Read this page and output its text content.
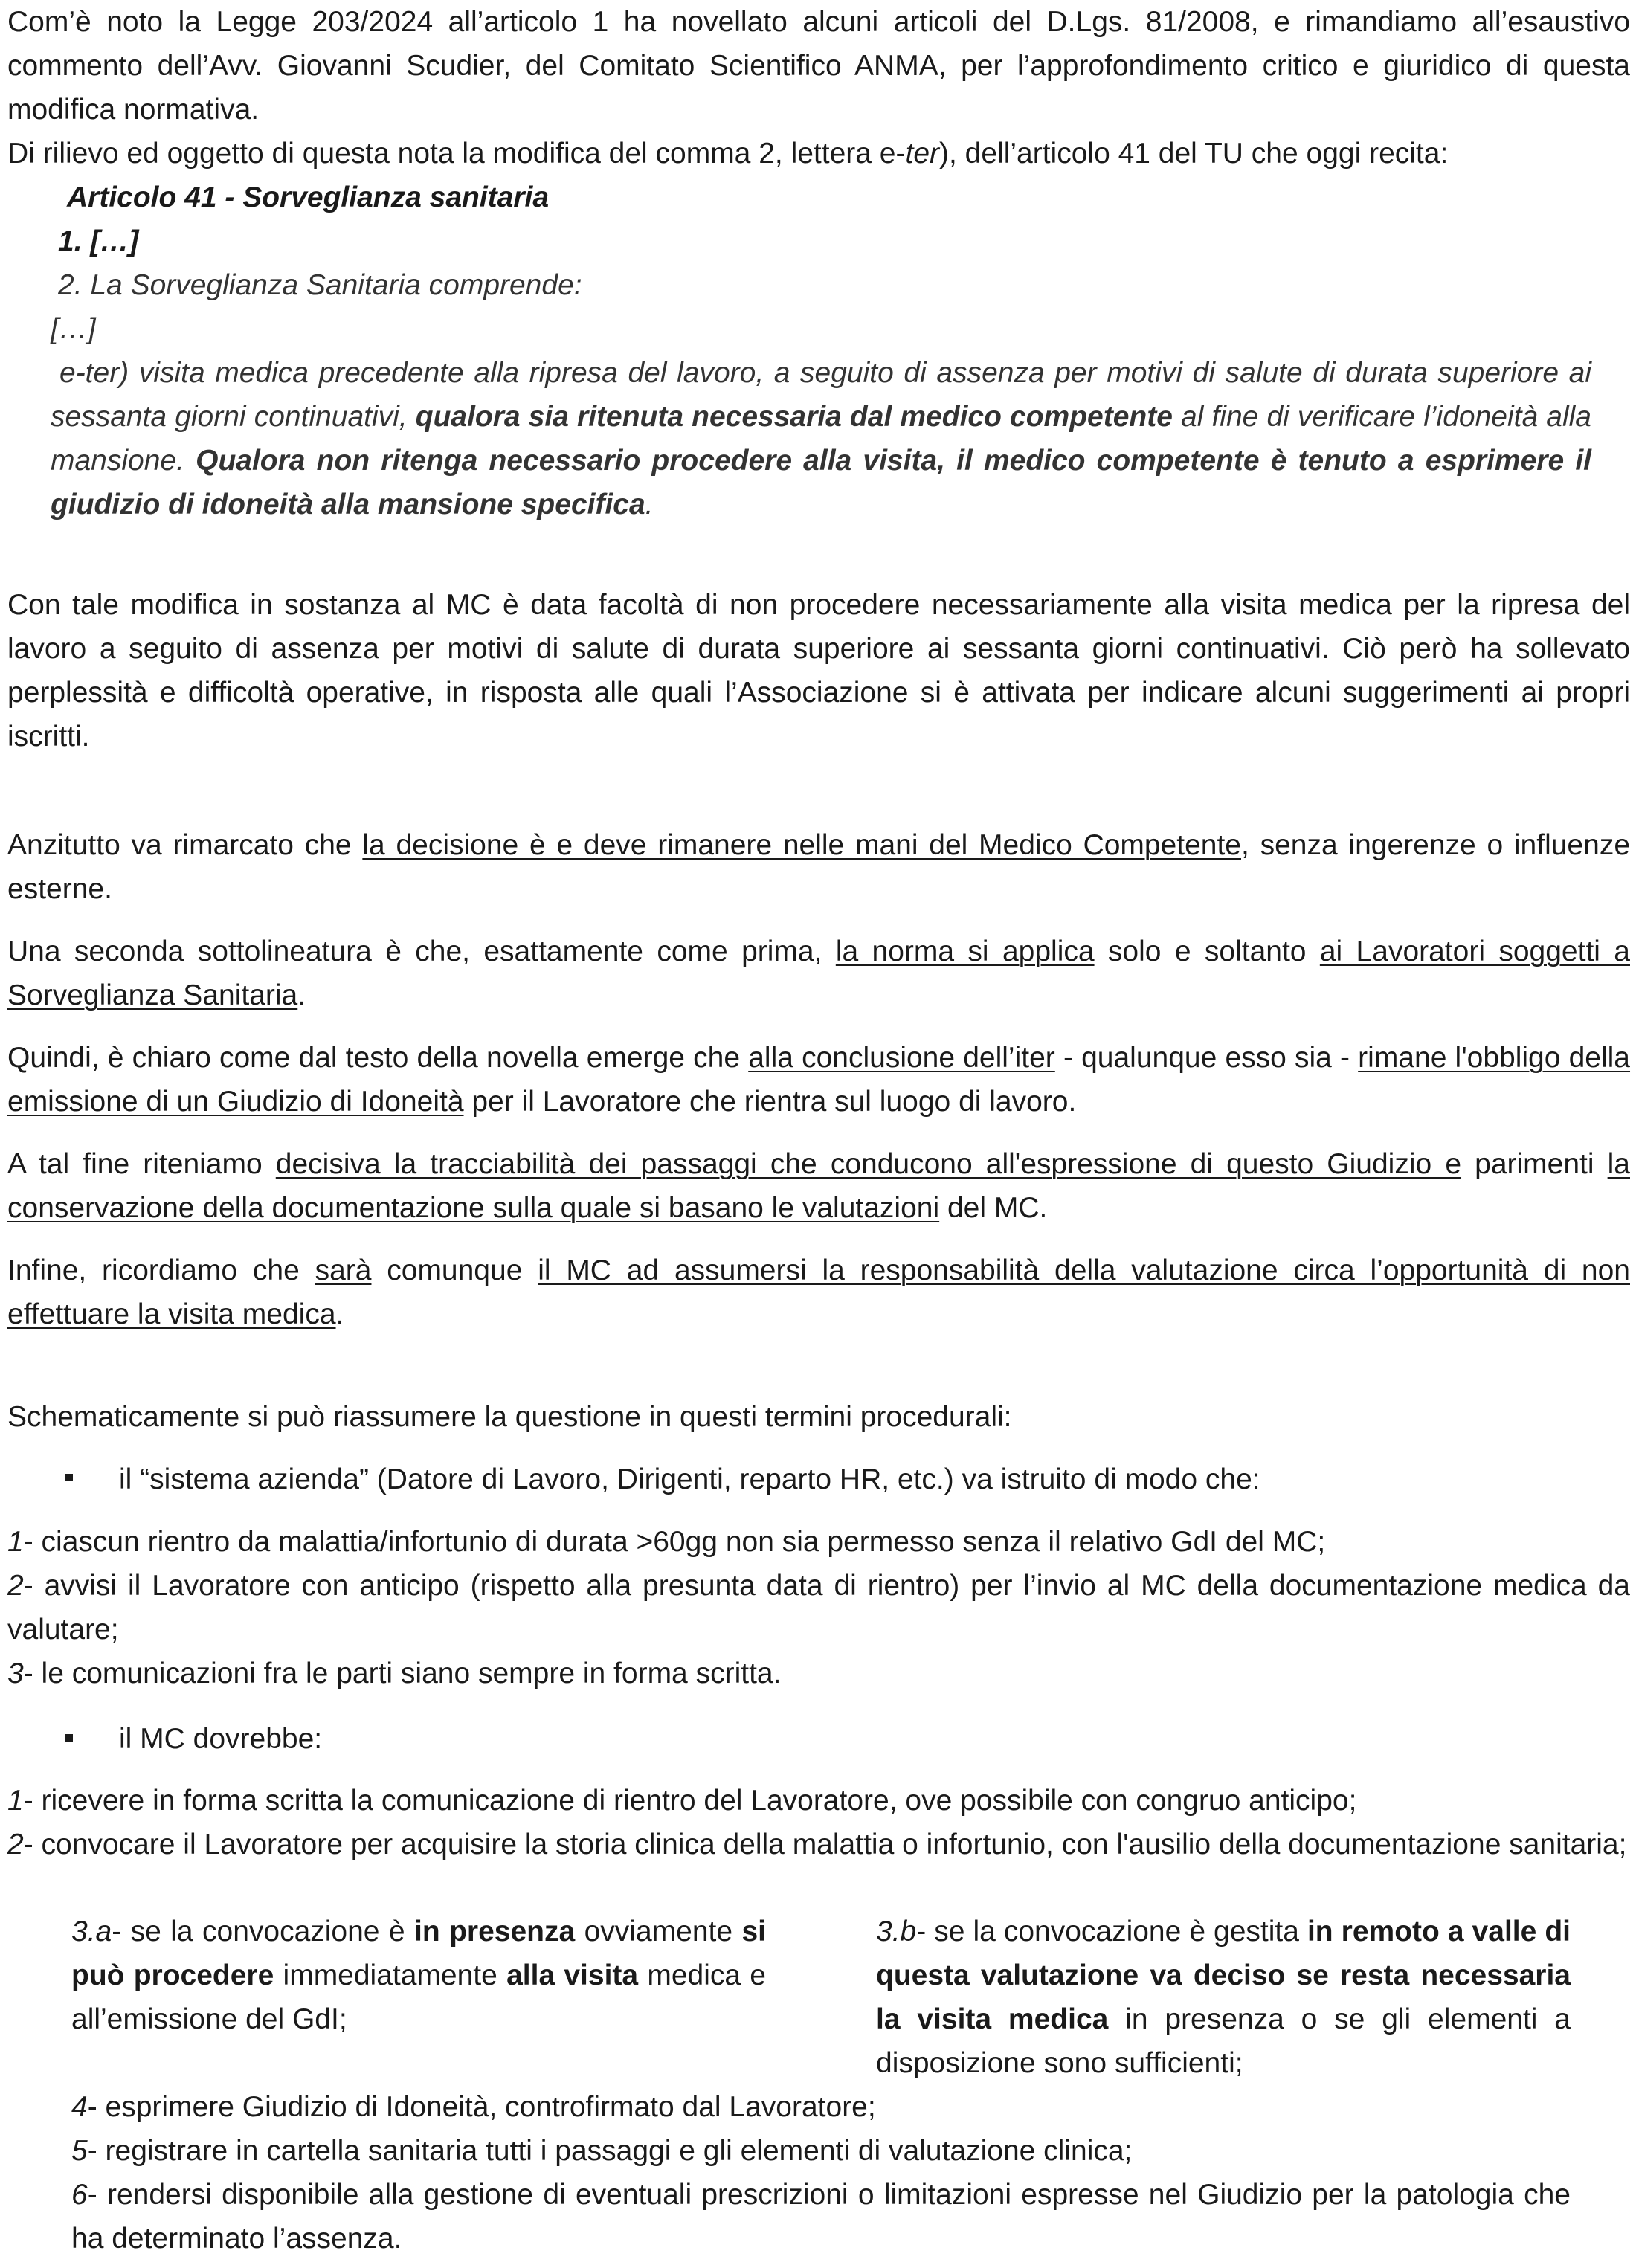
Com’è noto la Legge 203/2024 all’articolo 1 ha novellato alcuni articoli del D.Lgs. 81/2008, e rimandiamo all’esaustivo commento dell’Avv. Giovanni Scudier, del Comitato Scientifico ANMA, per l’approfondimento critico e giuridico di questa modifica normativa.

Di rilievo ed oggetto di questa nota la modifica del comma 2, lettera e-ter), dell’articolo 41 del TU che oggi recita:

Articolo 41 - Sorveglianza sanitaria

1. […]

2. La Sorveglianza Sanitaria comprende:

[…]

e-ter) visita medica precedente alla ripresa del lavoro, a seguito di assenza per motivi di salute di durata superiore ai sessanta giorni continuativi, qualora sia ritenuta necessaria dal medico competente al fine di verificare l’idoneità alla mansione. Qualora non ritenga necessario procedere alla visita, il medico competente è tenuto a esprimere il giudizio di idoneità alla mansione specifica.

Con tale modifica in sostanza al MC è data facoltà di non procedere necessariamente alla visita medica per la ripresa del lavoro a seguito di assenza per motivi di salute di durata superiore ai sessanta giorni continuativi. Ciò però ha sollevato perplessità e difficoltà operative, in risposta alle quali l’Associazione si è attivata per indicare alcuni suggerimenti ai propri iscritti.

Anzitutto va rimarcato che la decisione è e deve rimanere nelle mani del Medico Competente, senza ingerenze o influenze esterne.

Una seconda sottolineatura è che, esattamente come prima, la norma si applica solo e soltanto ai Lavoratori soggetti a Sorveglianza Sanitaria.

Quindi, è chiaro come dal testo della novella emerge che alla conclusione dell’iter - qualunque esso sia - rimane l'obbligo della emissione di un Giudizio di Idoneità per il Lavoratore che rientra sul luogo di lavoro.

A tal fine riteniamo decisiva la tracciabilità dei passaggi che conducono all'espressione di questo Giudizio e parimenti la conservazione della documentazione sulla quale si basano le valutazioni del MC.

Infine, ricordiamo che sarà comunque il MC ad assumersi la responsabilità della valutazione circa l’opportunità di non effettuare la visita medica.

Schematicamente si può riassumere la questione in questi termini procedurali:

il “sistema azienda” (Datore di Lavoro, Dirigenti, reparto HR, etc.) va istruito di modo che:

1- ciascun rientro da malattia/infortunio di durata >60gg non sia permesso senza il relativo GdI del MC;

2- avvisi il Lavoratore con anticipo (rispetto alla presunta data di rientro) per l’invio al MC della documentazione medica da valutare;

3- le comunicazioni fra le parti siano sempre in forma scritta.

il MC dovrebbe:

1- ricevere in forma scritta la comunicazione di rientro del Lavoratore, ove possibile con congruo anticipo;

2- convocare il Lavoratore per acquisire la storia clinica della malattia o infortunio, con l'ausilio della documentazione sanitaria;

3.a- se la convocazione è in presenza ovviamente si può procedere immediatamente alla visita medica e all’emissione del GdI;
3.b- se la convocazione è gestita in remoto a valle di questa valutazione va deciso se resta necessaria la visita medica in presenza o se gli elementi a disposizione sono sufficienti;

4- esprimere Giudizio di Idoneità, controfirmato dal Lavoratore;

5- registrare in cartella sanitaria tutti i passaggi e gli elementi di valutazione clinica;

6- rendersi disponibile alla gestione di eventuali prescrizioni o limitazioni espresse nel Giudizio per la patologia che ha determinato l’assenza.
